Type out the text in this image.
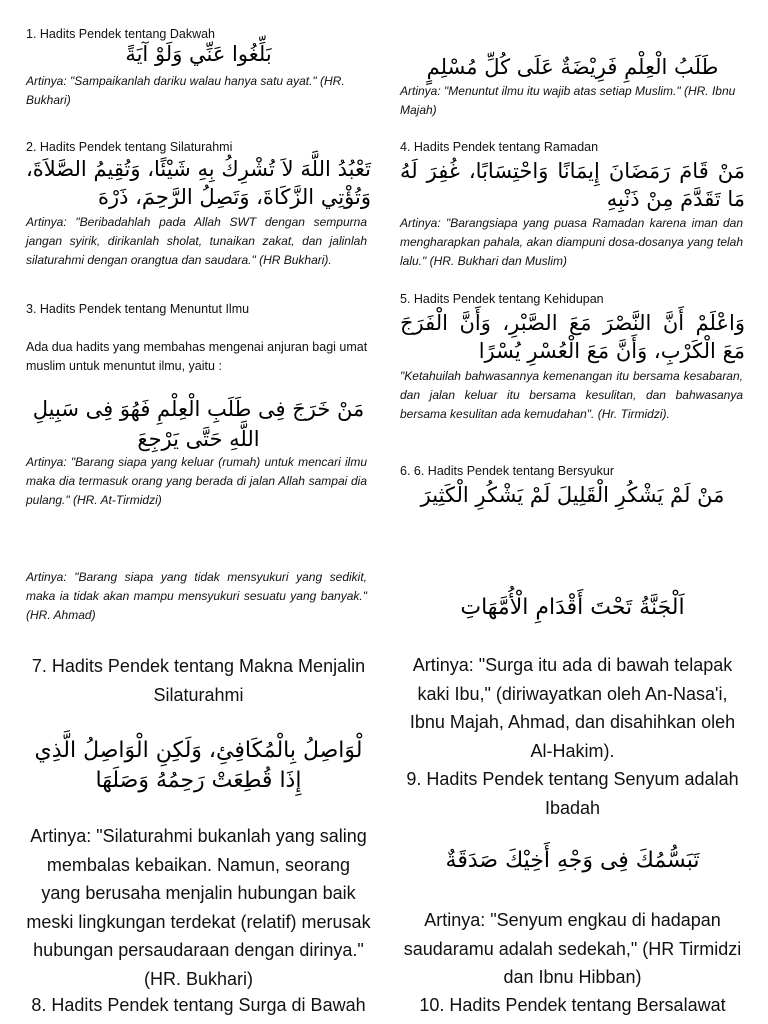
1. Hadits Pendek tentang Dakwah
بَلِّغُوا عَنِّي وَلَوْ آيَةً
Artinya: "Sampaikanlah dariku walau hanya satu ayat." (HR. Bukhari)
2. Hadits Pendek tentang Silaturahmi
تَعْبُدُ اللَّهَ لاَ تُشْرِكُ بِهِ شَيْئًا، وَتُقِيمُ الصَّلاَةَ، وَتُؤْتِي الزَّكَاةَ، وَتَصِلُ الرَّحِمَ، ذَرْهَ
Artinya: "Beribadahlah pada Allah SWT dengan sempurna jangan syirik, dirikanlah sholat, tunaikan zakat, dan jalinlah silaturahmi dengan orangtua dan saudara." (HR Bukhari).
3. Hadits Pendek tentang Menuntut Ilmu
Ada dua hadits yang membahas mengenai anjuran bagi umat muslim untuk menuntut ilmu, yaitu :
مَنْ خَرَجَ فِى طَلَبِ الْعِلْمِ فَهُوَ فِى سَبِيلِ اللَّهِ حَتَّى يَرْجِعَ
Artinya: "Barang siapa yang keluar (rumah) untuk mencari ilmu maka dia termasuk orang yang berada di jalan Allah sampai dia pulang." (HR. At-Tirmidzi)
Artinya: "Barang siapa yang tidak mensyukuri yang sedikit, maka ia tidak akan mampu mensyukuri sesuatu yang banyak." (HR. Ahmad)
7. Hadits Pendek tentang Makna Menjalin Silaturahmi
لْوَاصِلُ بِالْمُكَافِئِ، وَلَكِنِ الْوَاصِلُ الَّذِي إِذَا قُطِعَتْ رَحِمُهُ وَصَلَهَا
Artinya: "Silaturahmi bukanlah yang saling membalas kebaikan. Namun, seorang yang berusaha menjalin hubungan baik meski lingkungan terdekat (relatif) merusak hubungan persaudaraan dengan dirinya." (HR. Bukhari)
8. Hadits Pendek tentang Surga di Bawah
طَلَبُ الْعِلْمِ فَرِيْضَةٌ عَلَى كُلِّ مُسْلِمٍ
Artinya: "Menuntut ilmu itu wajib atas setiap Muslim." (HR. Ibnu Majah)
4. Hadits Pendek tentang Ramadan
مَنْ قَامَ رَمَضَانَ إِيمَانًا وَاحْتِسَابًا، غُفِرَ لَهُ مَا تَقَدَّمَ مِنْ ذَنْبِهِ
Artinya: "Barangsiapa yang puasa Ramadan karena iman dan mengharapkan pahala, akan diampuni dosa-dosanya yang telah lalu." (HR. Bukhari dan Muslim)
5. Hadits Pendek tentang Kehidupan
وَاعْلَمْ أَنَّ النَّصْرَ مَعَ الصَّبْرِ، وَأَنَّ الْفَرَجَ مَعَ الْكَرْبِ، وَأَنَّ مَعَ الْعُسْرِ يُسْرًا
"Ketahuilah bahwasannya kemenangan itu bersama kesabaran, dan jalan keluar itu bersama kesulitan, dan bahwasanya bersama kesulitan ada kemudahan". (Hr. Tirmidzi).
6. 6. Hadits Pendek tentang Bersyukur
مَنْ لَمْ يَشْكُرِ الْقَلِيلَ لَمْ يَشْكُرِ الْكَثِيرَ
اَلْجَنَّةُ تَحْتَ أَقْدَامِ الْأُمَّهَاتِ
Artinya: "Surga itu ada di bawah telapak kaki Ibu," (diriwayatkan oleh An-Nasa'i, Ibnu Majah, Ahmad, dan disahihkan oleh Al-Hakim).
9. Hadits Pendek tentang Senyum adalah Ibadah
تَبَسُّمُكَ فِى وَجْهِ أَخِيْكَ صَدَقَةٌ
Artinya: "Senyum engkau di hadapan saudaramu adalah sedekah," (HR Tirmidzi dan Ibnu Hibban)
10. Hadits Pendek tentang Bersalawat
